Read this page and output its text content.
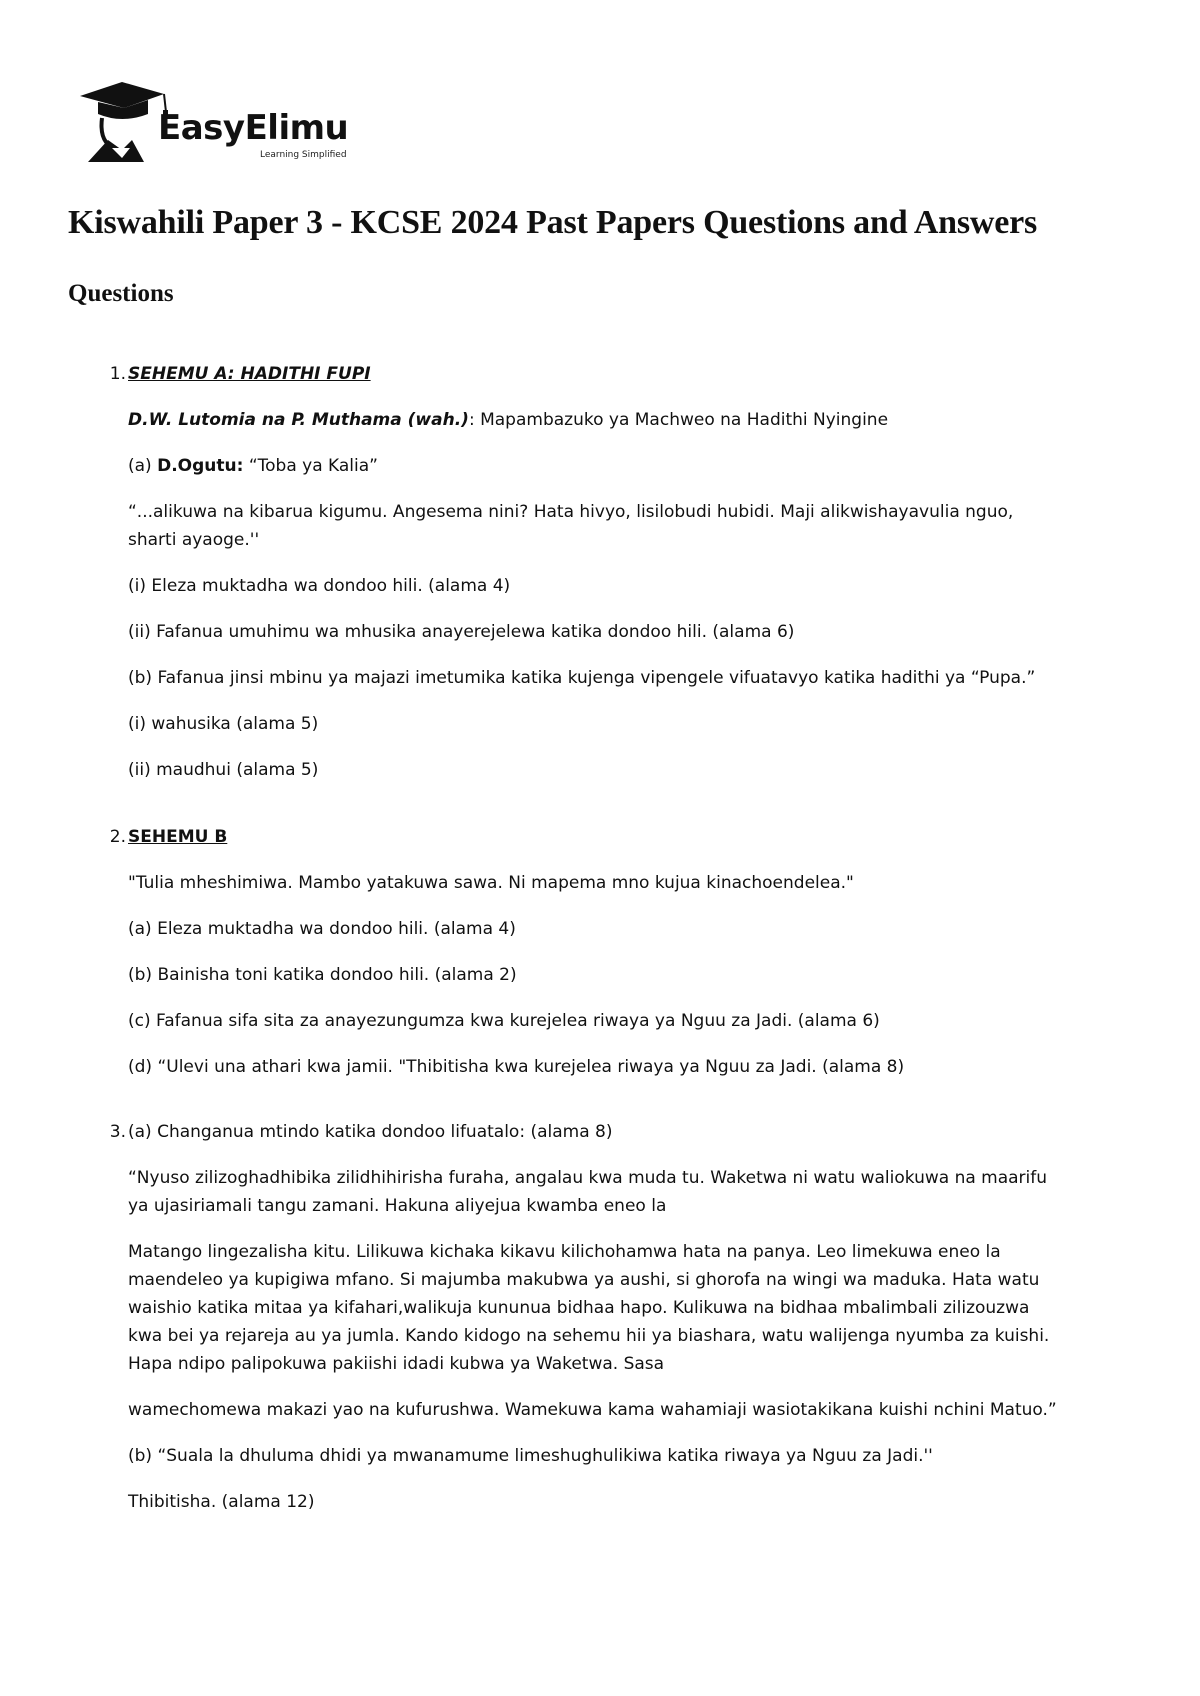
EasyElimu
Learning Simplified
Kiswahili Paper 3 - KCSE 2024 Past Papers Questions and Answers
Questions
1. SEHEMU A: HADITHI FUPI

D.W. Lutomia na P. Muthama (wah.): Mapambazuko ya Machweo na Hadithi Nyingine

(a) D.Ogutu: “Toba ya Kalia”

“...alikuwa na kibarua kigumu. Angesema nini? Hata hivyo, lisilobudi hubidi. Maji alikwishayavulia nguo,
sharti ayaoge.''

(i) Eleza muktadha wa dondoo hili. (alama 4)

(ii) Fafanua umuhimu wa mhusika anayerejelewa katika dondoo hili. (alama 6)

(b) Fafanua jinsi mbinu ya majazi imetumika katika kujenga vipengele vifuatavyo katika hadithi ya “Pupa.”

(i) wahusika (alama 5)

(ii) maudhui (alama 5)

2. SEHEMU B

"Tulia mheshimiwa. Mambo yatakuwa sawa. Ni mapema mno kujua kinachoendelea."

(a) Eleza muktadha wa dondoo hili. (alama 4)

(b) Bainisha toni katika dondoo hili. (alama 2)

(c) Fafanua sifa sita za anayezungumza kwa kurejelea riwaya ya Nguu za Jadi. (alama 6)

(d) “Ulevi una athari kwa jamii. "Thibitisha kwa kurejelea riwaya ya Nguu za Jadi. (alama 8)

3. (a) Changanua mtindo katika dondoo lifuatalo: (alama 8)

“Nyuso zilizoghadhibika zilidhihirisha furaha, angalau kwa muda tu. Waketwa ni watu waliokuwa na maarifu
ya ujasiriamali tangu zamani. Hakuna aliyejua kwamba eneo la

Matango lingezalisha kitu. Lilikuwa kichaka kikavu kilichohamwa hata na panya. Leo limekuwa eneo la
maendeleo ya kupigiwa mfano. Si majumba makubwa ya aushi, si ghorofa na wingi wa maduka. Hata watu
waishio katika mitaa ya kifahari,walikuja kununua bidhaa hapo. Kulikuwa na bidhaa mbalimbali zilizouzwa
kwa bei ya rejareja au ya jumla. Kando kidogo na sehemu hii ya biashara, watu walijenga nyumba za kuishi.
Hapa ndipo palipokuwa pakiishi idadi kubwa ya Waketwa. Sasa

wamechomewa makazi yao na kufurushwa. Wamekuwa kama wahamiaji wasiotakikana kuishi nchini Matuo.”

(b) “Suala la dhuluma dhidi ya mwanamume limeshughulikiwa katika riwaya ya Nguu za Jadi.''

Thibitisha. (alama 12)
